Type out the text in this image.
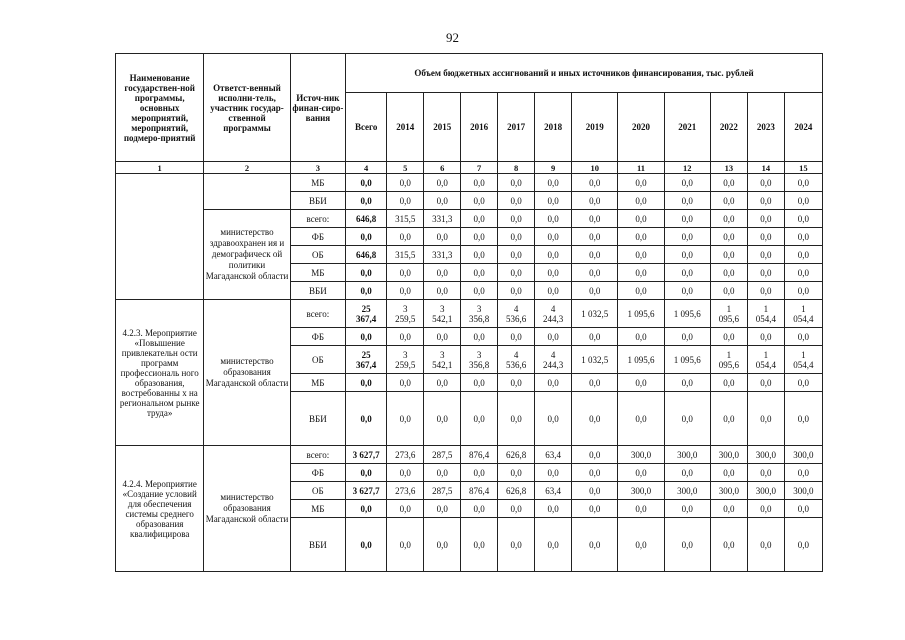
92
Наименование государствен-ной программы, основных мероприятий, мероприятий, подмеро-приятий	Ответст-венный исполни-тель, участник государ-ственной программы	Источ-ник финан-сиро-вания	Объем бюджетных ассигнований и иных источников финансирования, тыс. рублей											
			Всего	2014	2015	2016	2017	2018	2019	2020	2021	2022	2023	2024
1	2	3	4	5	6	7	8	9	10	11	12	13	14	15
		МБ	0,0	0,0	0,0	0,0	0,0	0,0	0,0	0,0	0,0	0,0	0,0	0,0
		ВБИ	0,0	0,0	0,0	0,0	0,0	0,0	0,0	0,0	0,0	0,0	0,0	0,0
	министерство здравоохранен ия и демографическ ой политики Магаданской области	всего:	646,8	315,5	331,3	0,0	0,0	0,0	0,0	0,0	0,0	0,0	0,0	0,0
		ФБ	0,0	0,0	0,0	0,0	0,0	0,0	0,0	0,0	0,0	0,0	0,0	0,0
		ОБ	646,8	315,5	331,3	0,0	0,0	0,0	0,0	0,0	0,0	0,0	0,0	0,0
		МБ	0,0	0,0	0,0	0,0	0,0	0,0	0,0	0,0	0,0	0,0	0,0	0,0
		ВБИ	0,0	0,0	0,0	0,0	0,0	0,0	0,0	0,0	0,0	0,0	0,0	0,0
4.2.3. Мероприятие «Повышение привлекательн ости программ профессиональ ного образования, востребованны х на региональном рынке труда»	министерство образования Магаданской области	всего:	25
367,4	3
259,5	3
542,1	3
356,8	4
536,6	4
244,3	1 032,5	1 095,6	1 095,6	1
095,6	1
054,4	1
054,4
		ФБ	0,0	0,0	0,0	0,0	0,0	0,0	0,0	0,0	0,0	0,0	0,0	0,0
		ОБ	25
367,4	3
259,5	3
542,1	3
356,8	4
536,6	4
244,3	1 032,5	1 095,6	1 095,6	1
095,6	1
054,4	1
054,4
		МБ	0,0	0,0	0,0	0,0	0,0	0,0	0,0	0,0	0,0	0,0	0,0	0,0
		ВБИ	0,0	0,0	0,0	0,0	0,0	0,0	0,0	0,0	0,0	0,0	0,0	0,0
4.2.4. Мероприятие «Создание условий для обеспечения системы среднего образования квалифицирова	министерство образования Магаданской области	всего:	3 627,7	273,6	287,5	876,4	626,8	63,4	0,0	300,0	300,0	300,0	300,0	300,0
		ФБ	0,0	0,0	0,0	0,0	0,0	0,0	0,0	0,0	0,0	0,0	0,0	0,0
		ОБ	3 627,7	273,6	287,5	876,4	626,8	63,4	0,0	300,0	300,0	300,0	300,0	300,0
		МБ	0,0	0,0	0,0	0,0	0,0	0,0	0,0	0,0	0,0	0,0	0,0	0,0
		ВБИ	0,0	0,0	0,0	0,0	0,0	0,0	0,0	0,0	0,0	0,0	0,0	0,0
